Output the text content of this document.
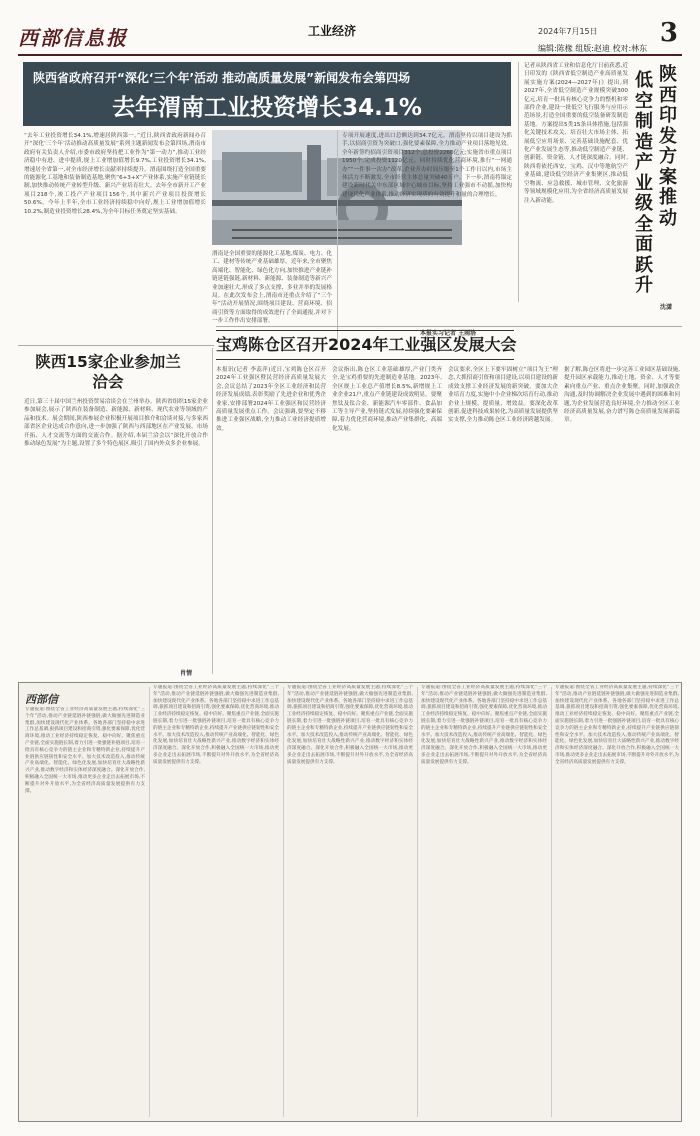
西部信息报	工业经济	2024年7月15日 3
编辑:陈椽 组版:赵迪 校对:林东
陕西省政府召开“深化‘三个年’活动 推动高质量发展”新闻发布会第四场
去年渭南工业投资增长34.1%
“去年工业投资增长34.1%,增速居陕西第一。”近日,陕西省政府新闻办召开“深化‘三个年’活动推动高质量发展”系列主题新闻发布会第四场,渭南市政府有关负责人介绍,市委市政府坚持把工业作为“第一动力”,推动工业经济稳中有进、进中提质,规上工业增加值增长9.7%,工业投资增长34.1%,增速居全省第一,对全市经济增长贡献率持续提升。渭南围绕打造全国重要的能源化工基地和装备制造基地,聚焦“6+3+X”产业体系,实施产业链链长制,加快推动传统产业转型升级、新兴产业培育壮大。去年全市新开工产业项目218个,竣工投产产业项目156个,其中新兴产业项目投资增长50.6%。今年上半年,全市工业经济持续稳中向好,规上工业增加值增长10.2%,制造业投资增长28.4%,为全年目标任务奠定坚实基础。
渭南是全国重要的能源化工基地,煤炭、电力、化工、建材等传统产业基础雄厚。近年来,全市聚焦高端化、智能化、绿色化方向,加快推进产业链补链延链强链,新材料、新能源、装备制造等新兴产业加速壮大,形成了多点支撑、多业并举的发展格局。在此次发布会上,渭南市还重点介绍了“三个年”活动开展情况,围绕项目建设、营商环境、招商引资等方面取得的成效进行了全面通报,并对下一步工作作出安排部署。
专项开展速度,进出口总额达到34.7亿元。渭南坚持以项目建设为抓手,以招商引资为突破口,强化要素保障,全力推动产业项目落地见效。全年新签约招商引资项目312个,总投资2260亿元;实施省市重点项目1950个,完成投资1120亿元。同时持续优化营商环境,推行“一网通办”“一件事一次办”改革,企业开办时间压缩至1个工作日以内,市场主体活力不断激发,全市经营主体总量突破40万户。下一步,渭南将锚定建设新时代关中东部区域中心城市目标,坚持工业强市不动摇,加快构建现代化产业体系,推动经济实现质的有效提升和量的合理增长。
本报实习记者 王雨洛
陕西印发方案推动
低空制造产业级全面跃升
记者从陕西省工业和信息化厅日前获悉,近日印发的《陕西省低空制造产业高质量发展实施方案(2024—2027年)》提出,到2027年,全省低空制造产业规模突破300亿元,培育一批具有核心竞争力的整机和零部件企业,建设一批低空飞行服务与应用示范场景,打造全国重要的低空装备研发制造基地。方案提出5类15条具体措施,包括强化关键技术攻关、培育壮大市场主体、拓展低空应用场景、完善基础设施配套、优化产业发展生态等,推动低空制造产业链、创新链、资金链、人才链深度融合。同时,陕西将依托西安、宝鸡、汉中等地航空产业基础,建设低空经济产业集聚区,推动低空物流、应急救援、城市管理、文化旅游等领域规模化应用,为全省经济高质量发展注入新动能。
沈潇
陕西15家企业参加兰洽会
近日,第三十届中国兰州投资贸易洽谈会在兰州举办。陕西省组织15家企业参加展会,展示了陕西在装备制造、新能源、新材料、现代农业等领域的产品和技术。展会期间,陕西参展企业积极开展项目推介和洽谈对接,与多家西部省区企业达成合作意向,进一步加强了陕西与西部地区在产业发展、市场开拓、人才交流等方面的交流合作。据介绍,本届兰洽会以“深化开放合作 推动绿色发展”为主题,设置了多个特色展区,吸引了国内外众多企业参展。
肖情
宝鸡陈仓区召开2024年工业强区发展大会
本报讯(记者 李蕊萍)近日,宝鸡陈仓区召开2024年工业强区暨民营经济高质量发展大会,会议总结了2023年全区工业经济和民营经济发展成绩,表彰奖励了先进企业和优秀企业家,安排部署2024年工业强区和民营经济高质量发展重点工作。会议强调,要坚定不移推进工业强区战略,全力推动工业经济提质增效。
会议指出,陈仓区工业基础雄厚,产业门类齐全,是宝鸡重要的先进制造业基地。2023年,全区规上工业总产值增长8.5%,新增规上工业企业21户,重点产业链建设成效明显。要聚焦钛及钛合金、新能源汽车零部件、食品加工等主导产业,坚持链式发展,持续强化要素保障,着力优化营商环境,推动产业集群化、高端化发展。
会议要求,全区上下要牢固树立“项目为王”理念,大抓招商引资和项目建设,以项目建设的新成效支撑工业经济发展的新突破。要加大企业培育力度,实施中小企业梯次培育行动,推动企业上规模、提质量、增效益。要深化改革创新,促进科技成果转化,为高质量发展提供坚实支撑,全力推动陈仓区工业经济跨越发展。
据了解,陈仓区将进一步完善工业园区基础设施,提升园区承载能力,推动土地、资金、人才等要素向重点产业、重点企业集聚。同时,加强政企沟通,及时协调解决企业发展中遇到的困难和问题,为企业发展营造良好环境,全力推动全区工业经济高质量发展,奋力谱写陈仓高质量发展新篇章。
西部信
专题报道:围绕全省工业经济高质量发展主题,持续深化“三个年”活动,推动产业链延链补链强链,做大做强先进制造业集群,加快建设现代化产业体系。各地各部门坚持稳中求进工作总基调,狠抓项目建设和招商引资,强化要素保障,优化营商环境,推动工业经济持续稳定恢复、稳中向好。聚焦重点产业链,全面实施链长制,着力引进一批强链补链项目,培育一批具有核心竞争力的链主企业和专精特新企业,持续提升产业链供应链韧性和安全水平。加大技术改造投入,推动传统产业高端化、智能化、绿色化发展,加快培育壮大战略性新兴产业,推动数字经济和实体经济深度融合。深化开放合作,积极融入全国统一大市场,推动更多企业走出去拓展市场,不断提升对外开放水平,为全省经济高质量发展提供有力支撑。
专题报道:围绕全省工业经济高质量发展主题,持续深化“三个年”活动,推动产业链延链补链强链,做大做强先进制造业集群,加快建设现代化产业体系。各地各部门坚持稳中求进工作总基调,狠抓项目建设和招商引资,强化要素保障,优化营商环境,推动工业经济持续稳定恢复、稳中向好。聚焦重点产业链,全面实施链长制,着力引进一批强链补链项目,培育一批具有核心竞争力的链主企业和专精特新企业,持续提升产业链供应链韧性和安全水平。加大技术改造投入,推动传统产业高端化、智能化、绿色化发展,加快培育壮大战略性新兴产业,推动数字经济和实体经济深度融合。深化开放合作,积极融入全国统一大市场,推动更多企业走出去拓展市场,不断提升对外开放水平,为全省经济高质量发展提供有力支撑。
专题报道:围绕全省工业经济高质量发展主题,持续深化“三个年”活动,推动产业链延链补链强链,做大做强先进制造业集群,加快建设现代化产业体系。各地各部门坚持稳中求进工作总基调,狠抓项目建设和招商引资,强化要素保障,优化营商环境,推动工业经济持续稳定恢复、稳中向好。聚焦重点产业链,全面实施链长制,着力引进一批强链补链项目,培育一批具有核心竞争力的链主企业和专精特新企业,持续提升产业链供应链韧性和安全水平。加大技术改造投入,推动传统产业高端化、智能化、绿色化发展,加快培育壮大战略性新兴产业,推动数字经济和实体经济深度融合。深化开放合作,积极融入全国统一大市场,推动更多企业走出去拓展市场,不断提升对外开放水平,为全省经济高质量发展提供有力支撑。
专题报道:围绕全省工业经济高质量发展主题,持续深化“三个年”活动,推动产业链延链补链强链,做大做强先进制造业集群,加快建设现代化产业体系。各地各部门坚持稳中求进工作总基调,狠抓项目建设和招商引资,强化要素保障,优化营商环境,推动工业经济持续稳定恢复、稳中向好。聚焦重点产业链,全面实施链长制,着力引进一批强链补链项目,培育一批具有核心竞争力的链主企业和专精特新企业,持续提升产业链供应链韧性和安全水平。加大技术改造投入,推动传统产业高端化、智能化、绿色化发展,加快培育壮大战略性新兴产业,推动数字经济和实体经济深度融合。深化开放合作,积极融入全国统一大市场,推动更多企业走出去拓展市场,不断提升对外开放水平,为全省经济高质量发展提供有力支撑。
专题报道:围绕全省工业经济高质量发展主题,持续深化“三个年”活动,推动产业链延链补链强链,做大做强先进制造业集群,加快建设现代化产业体系。各地各部门坚持稳中求进工作总基调,狠抓项目建设和招商引资,强化要素保障,优化营商环境,推动工业经济持续稳定恢复、稳中向好。聚焦重点产业链,全面实施链长制,着力引进一批强链补链项目,培育一批具有核心竞争力的链主企业和专精特新企业,持续提升产业链供应链韧性和安全水平。加大技术改造投入,推动传统产业高端化、智能化、绿色化发展,加快培育壮大战略性新兴产业,推动数字经济和实体经济深度融合。深化开放合作,积极融入全国统一大市场,推动更多企业走出去拓展市场,不断提升对外开放水平,为全省经济高质量发展提供有力支撑。
